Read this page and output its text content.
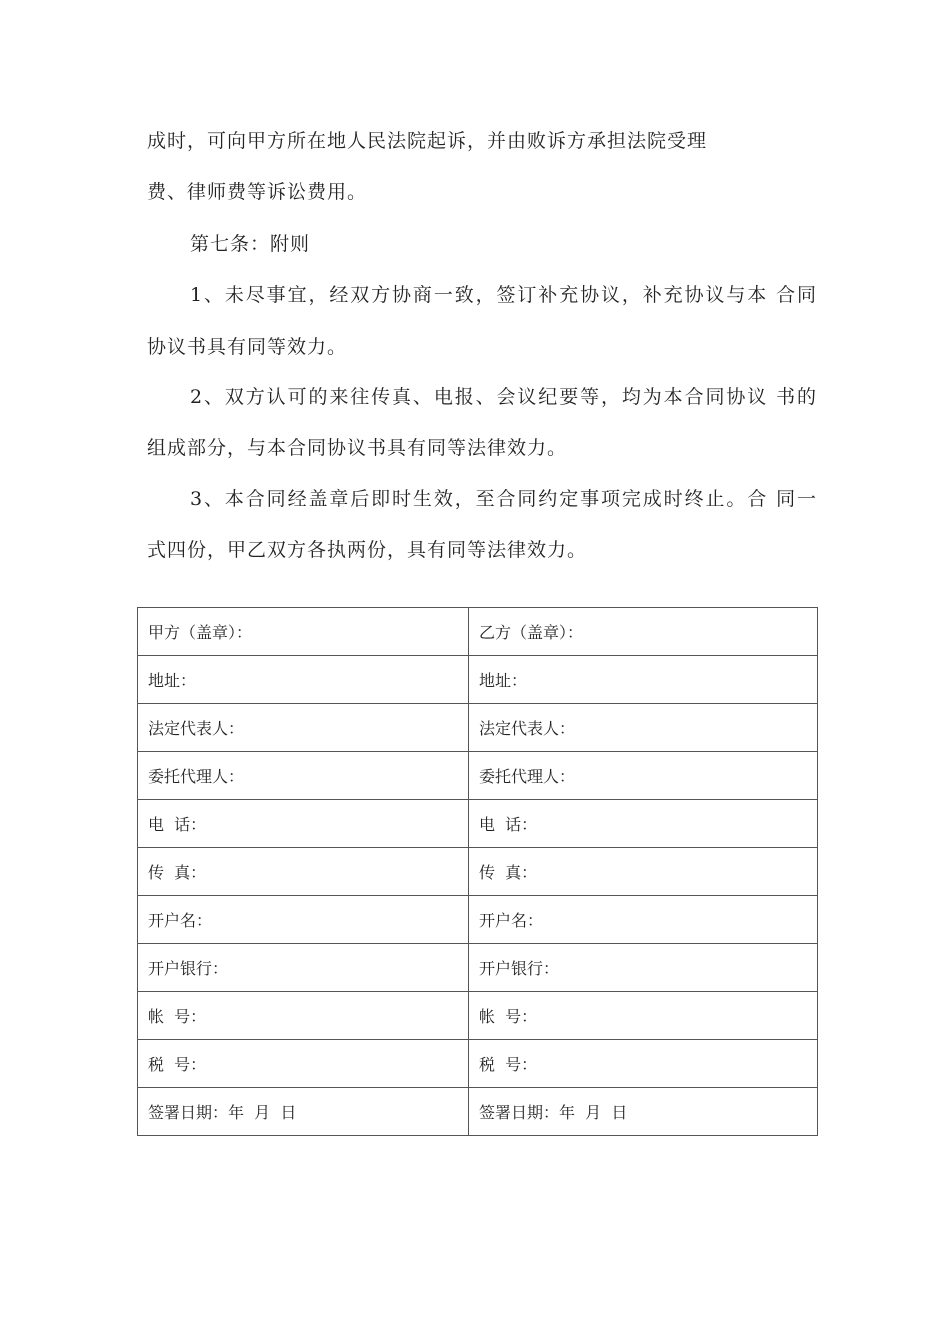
成时，可向甲方所在地人民法院起诉，并由败诉方承担法院受理
费、律师费等诉讼费用。
第七条：附则
1、未尽事宜，经双方协商一致，签订补充协议，补充协议与本 合同
协议书具有同等效力。
2、双方认可的来往传真、电报、会议纪要等，均为本合同协议 书的
组成部分，与本合同协议书具有同等法律效力。
3、本合同经盖章后即时生效，至合同约定事项完成时终止。合 同一
式四份，甲乙双方各执两份，具有同等法律效力。
甲方（盖章）：	乙方（盖章）：
地址：	地址：
法定代表人：	法定代表人：
委托代理人：	委托代理人：
电  话：	电  话：
传  真：	传  真：
开户名：	开户名：
开户银行：	开户银行：
帐  号：	帐  号：
税  号：	税  号：
签署日期：年  月  日	签署日期：年  月  日
